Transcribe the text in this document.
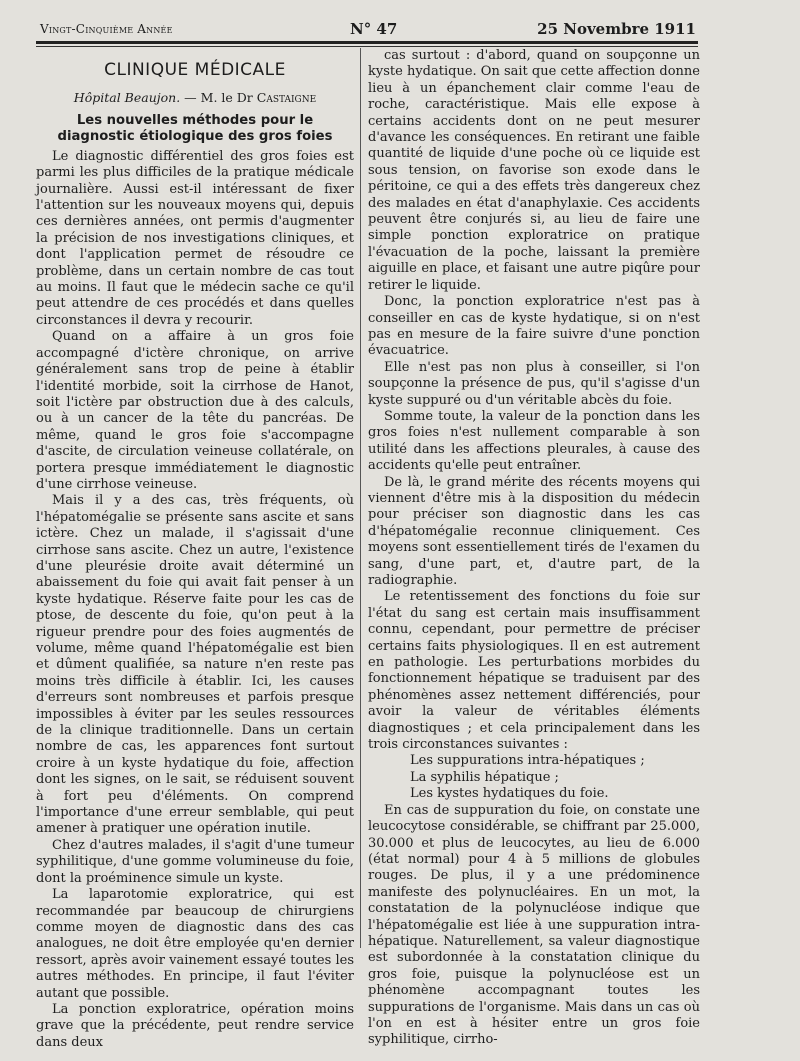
Vingt-Cinquième Année	N° 47	25 Novembre 1911
CLINIQUE MÉDICALE
Hôpital Beaujon. — M. le Dr Castaigne
Les nouvelles méthodes pour le diagnostic étiologique des gros foies

Le diagnostic différentiel des gros foies est parmi les plus difficiles de la pratique médicale journalière. Aussi est-il intéressant de fixer l'attention sur les nouveaux moyens qui, depuis ces dernières années, ont permis d'augmenter la précision de nos investigations cliniques, et dont l'application permet de résoudre ce problème, dans un certain nombre de cas tout au moins. Il faut que le médecin sache ce qu'il peut attendre de ces procédés et dans quelles circonstances il devra y recourir.

Quand on a affaire à un gros foie accompagné d'ictère chronique, on arrive généralement sans trop de peine à établir l'identité morbide, soit la cirrhose de Hanot, soit l'ictère par obstruction due à des calculs, ou à un cancer de la tête du pancréas. De même, quand le gros foie s'accompagne d'ascite, de circulation veineuse collatérale, on portera presque immédiatement le diagnostic d'une cirrhose veineuse.

Mais il y a des cas, très fréquents, où l'hépatomégalie se présente sans ascite et sans ictère. Chez un malade, il s'agissait d'une cirrhose sans ascite. Chez un autre, l'existence d'une pleurésie droite avait déterminé un abaissement du foie qui avait fait penser à un kyste hydatique. Réserve faite pour les cas de ptose, de descente du foie, qu'on peut à la rigueur prendre pour des foies augmentés de volume, même quand l'hépatomégalie est bien et dûment qualifiée, sa nature n'en reste pas moins très difficile à établir. Ici, les causes d'erreurs sont nombreuses et parfois presque impossibles à éviter par les seules ressources de la clinique traditionnelle. Dans un certain nombre de cas, les apparences font surtout croire à un kyste hydatique du foie, affection dont les signes, on le sait, se réduisent souvent à fort peu d'éléments. On comprend l'importance d'une erreur semblable, qui peut amener à pratiquer une opération inutile.

Chez d'autres malades, il s'agit d'une tumeur syphilitique, d'une gomme volumineuse du foie, dont la proéminence simule un kyste.

La laparotomie exploratrice, qui est recommandée par beaucoup de chirurgiens comme moyen de diagnostic dans des cas analogues, ne doit être employée qu'en dernier ressort, après avoir vainement essayé toutes les autres méthodes. En principe, il faut l'éviter autant que possible.

La ponction exploratrice, opération moins grave que la précédente, peut rendre service dans deux

cas surtout : d'abord, quand on soupçonne un kyste hydatique. On sait que cette affection donne lieu à un épanchement clair comme l'eau de roche, caractéristique. Mais elle expose à certains accidents dont on ne peut mesurer d'avance les conséquences. En retirant une faible quantité de liquide d'une poche où ce liquide est sous tension, on favorise son exode dans le péritoine, ce qui a des effets très dangereux chez des malades en état d'anaphylaxie. Ces accidents peuvent être conjurés si, au lieu de faire une simple ponction exploratrice on pratique l'évacuation de la poche, laissant la première aiguille en place, et faisant une autre piqûre pour retirer le liquide.

Donc, la ponction exploratrice n'est pas à conseiller en cas de kyste hydatique, si on n'est pas en mesure de la faire suivre d'une ponction évacuatrice.

Elle n'est pas non plus à conseiller, si l'on soupçonne la présence de pus, qu'il s'agisse d'un kyste suppuré ou d'un véritable abcès du foie.

Somme toute, la valeur de la ponction dans les gros foies n'est nullement comparable à son utilité dans les affections pleurales, à cause des accidents qu'elle peut entraîner.

De là, le grand mérite des récents moyens qui viennent d'être mis à la disposition du médecin pour préciser son diagnostic dans les cas d'hépatomégalie reconnue cliniquement. Ces moyens sont essentiellement tirés de l'examen du sang, d'une part, et, d'autre part, de la radiographie.

Le retentissement des fonctions du foie sur l'état du sang est certain mais insuffisamment connu, cependant, pour permettre de préciser certains faits physiologiques. Il en est autrement en pathologie. Les perturbations morbides du fonctionnement hépatique se traduisent par des phénomènes assez nettement différenciés, pour avoir la valeur de véritables éléments diagnostiques ; et cela principalement dans les trois circonstances suivantes :

Les suppurations intra-hépatiques ;
La syphilis hépatique ;
Les kystes hydatiques du foie.

En cas de suppuration du foie, on constate une leucocytose considérable, se chiffrant par 25.000, 30.000 et plus de leucocytes, au lieu de 6.000 (état normal) pour 4 à 5 millions de globules rouges. De plus, il y a une prédominence manifeste des polynucléaires. En un mot, la constatation de la polynucléose indique que l'hépatomégalie est liée à une suppuration intra-hépatique. Naturellement, sa valeur diagnostique est subordonnée à la constatation clinique du gros foie, puisque la polynucléose est un phénomène accompagnant toutes les suppurations de l'organisme. Mais dans un cas où l'on en est à hésiter entre un gros foie syphilitique, cirrho-
